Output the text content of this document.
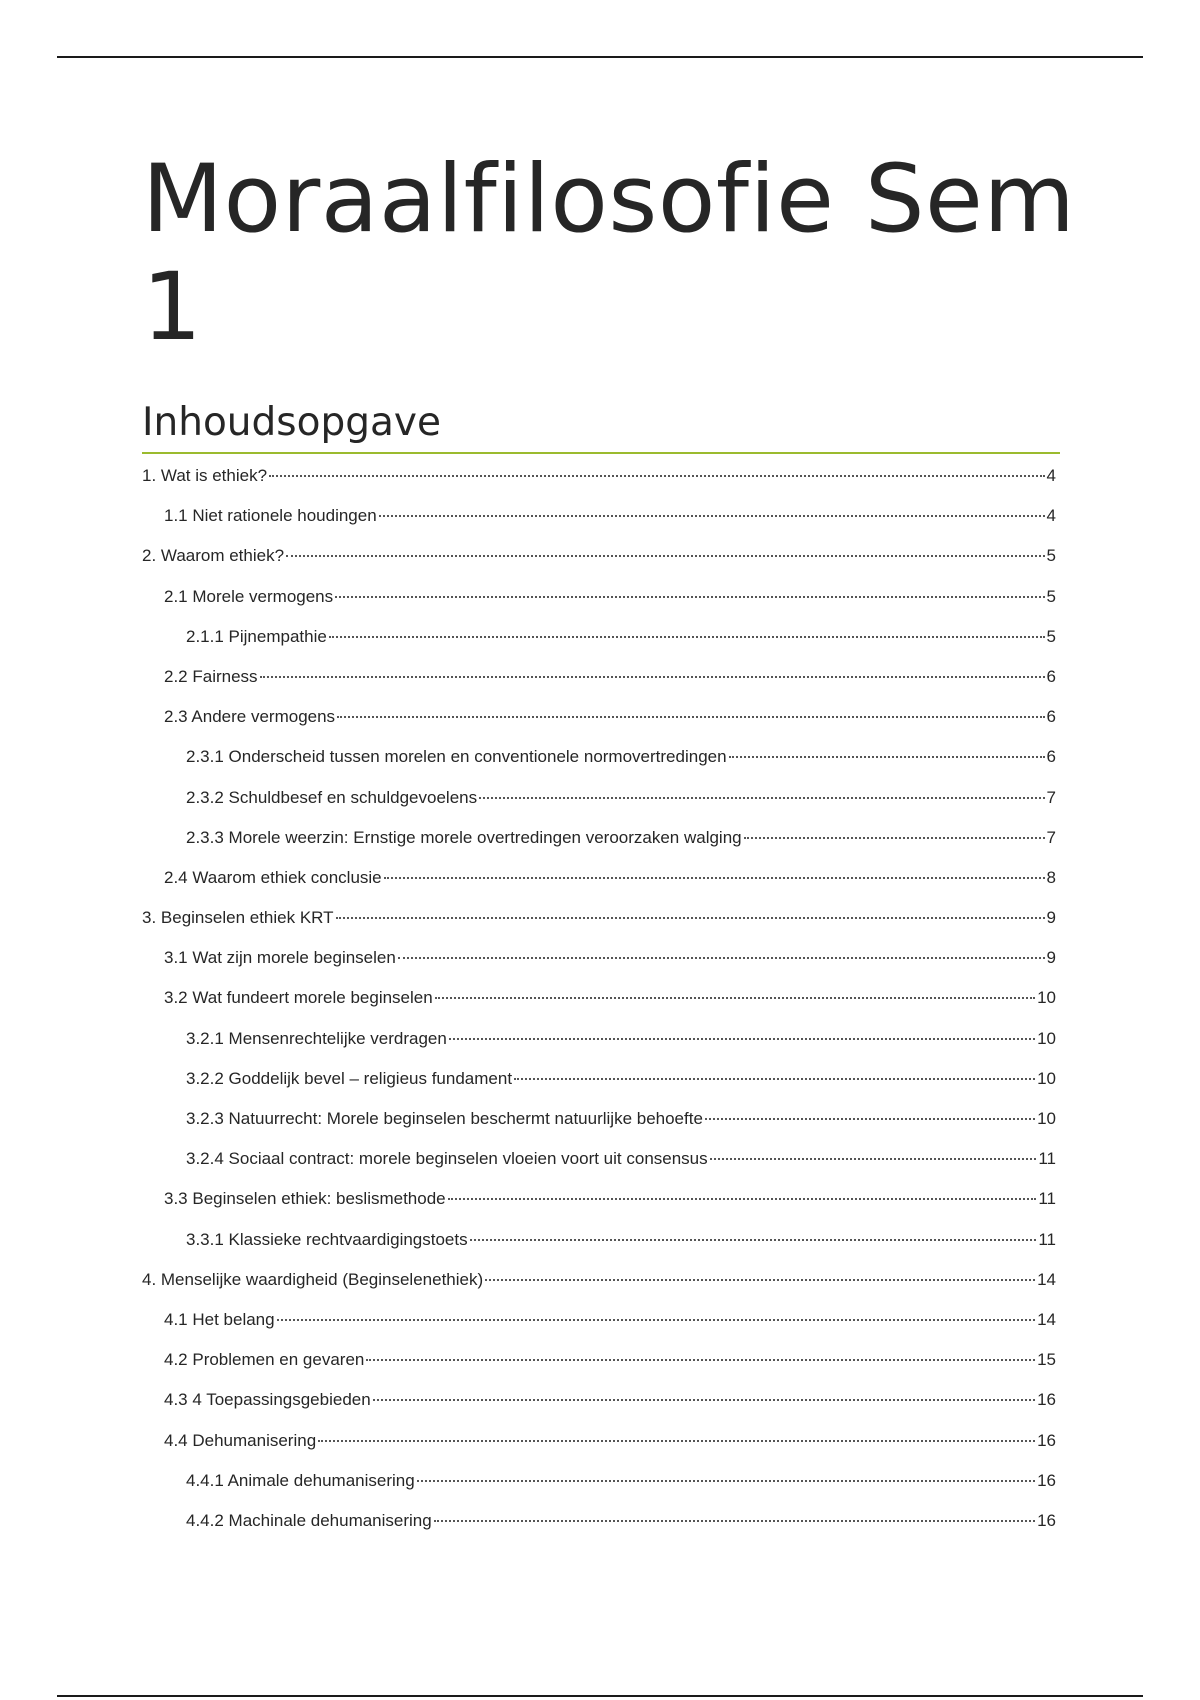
Moraalfilosofie Sem 1
Inhoudsopgave
1. Wat is ethiek?	4
1.1 Niet rationele houdingen	4
2. Waarom ethiek?	5
2.1 Morele vermogens	5
2.1.1 Pijnempathie	5
2.2 Fairness	6
2.3 Andere vermogens	6
2.3.1 Onderscheid tussen morelen en conventionele normovertredingen	6
2.3.2 Schuldbesef en schuldgevoelens	7
2.3.3 Morele weerzin: Ernstige morele overtredingen veroorzaken walging	7
2.4 Waarom ethiek conclusie	8
3. Beginselen ethiek KRT	9
3.1 Wat zijn morele beginselen	9
3.2 Wat fundeert morele beginselen	10
3.2.1 Mensenrechtelijke verdragen	10
3.2.2 Goddelijk bevel – religieus fundament	10
3.2.3 Natuurrecht: Morele beginselen beschermt natuurlijke behoefte	10
3.2.4 Sociaal contract: morele beginselen vloeien voort uit consensus	11
3.3 Beginselen ethiek: beslismethode	11
3.3.1 Klassieke rechtvaardigingstoets	11
4. Menselijke waardigheid (Beginselenethiek)	14
4.1 Het belang	14
4.2 Problemen en gevaren	15
4.3 4 Toepassingsgebieden	16
4.4 Dehumanisering	16
4.4.1 Animale dehumanisering	16
4.4.2 Machinale dehumanisering	16
